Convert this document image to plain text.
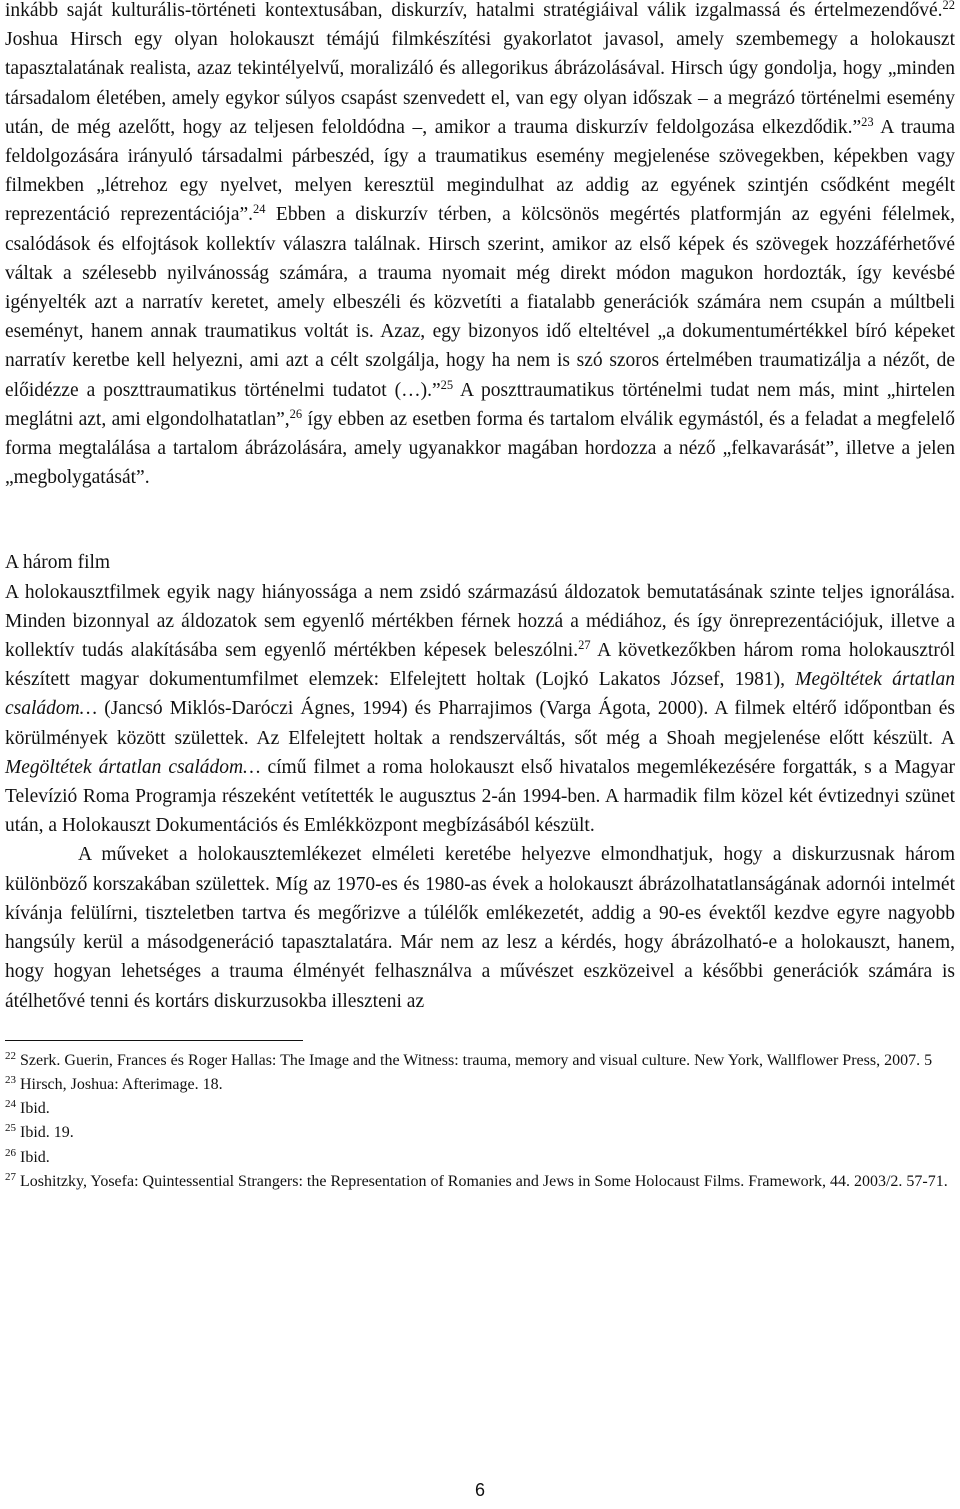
inkább saját kulturális-történeti kontextusában, diskurzív, hatalmi stratégiáival válik izgalmassá és értelmezendővé.$^{22}$ Joshua Hirsch egy olyan holokauszt témájú filmkészítési gyakorlatot javasol, amely szembemegy a holokauszt tapasztalatának realista, azaz tekintélyelvű, moralizáló és allegorikus ábrázolásával. Hirsch úgy gondolja, hogy „minden társadalom életében, amely egykor súlyos csapást szenvedett el, van egy olyan időszak – a megrázó történelmi esemény után, de még azelőtt, hogy az teljesen feloldódna –, amikor a trauma diskurzív feldolgozása elkezdődik.”$^{23}$ A trauma feldolgozására irányuló társadalmi párbeszéd, így a traumatikus esemény megjelenése szövegekben, képekben vagy filmekben „létrehoz egy nyelvet, melyen keresztül megindulhat az addig az egyének szintjén csődként megélt reprezentáció reprezentációja”.$^{24}$ Ebben a diskurzív térben, a kölcsönös megértés platformján az egyéni félelmek, csalódások és elfojtások kollektív válaszra találnak. Hirsch szerint, amikor az első képek és szövegek hozzáférhetővé váltak a szélesebb nyilvánosság számára, a trauma nyomait még direkt módon magukon hordozták, így kevésbé igényelték azt a narratív keretet, amely elbeszéli és közvetíti a fiatalabb generációk számára nem csupán a múltbeli eseményt, hanem annak traumatikus voltát is. Azaz, egy bizonyos idő elteltével „a dokumentumértékkel bíró képeket narratív keretbe kell helyezni, ami azt a célt szolgálja, hogy ha nem is szó szoros értelmében traumatizálja a nézőt, de előidézze a poszttraumatikus történelmi tudatot (…).”$^{25}$ A poszttraumatikus történelmi tudat nem más, mint „hirtelen meglátni azt, ami elgondolhatatlan”,$^{26}$ így ebben az esetben forma és tartalom elválik egymástól, és a feladat a megfelelő forma megtalálása a tartalom ábrázolására, amely ugyanakkor magában hordozza a néző „felkavarását”, illetve a jelen „megbolygatását”.

A három film

A holokausztfilmek egyik nagy hiányossága a nem zsidó származású áldozatok bemutatásának szinte teljes ignorálása. Minden bizonnyal az áldozatok sem egyenlő mértékben férnek hozzá a médiához, és így önreprezentációjuk, illetve a kollektív tudás alakításába sem egyenlő mértékben képesek beleszólni.$^{27}$ A következőkben három roma holokausztról készített magyar dokumentumfilmet elemzek: Elfelejtett holtak (Lojkó Lakatos József, 1981), Megöltétek ártatlan családom… (Jancsó Miklós-Daróczi Ágnes, 1994) és Pharrajimos (Varga Ágota, 2000). A filmek eltérő időpontban és körülmények között születtek. Az Elfelejtett holtak a rendszerváltás, sőt még a Shoah megjelenése előtt készült. A Megöltétek ártatlan családom… című filmet a roma holokauszt első hivatalos megemlékezésére forgatták, s a Magyar Televízió Roma Programja részeként vetítették le augusztus 2-án 1994-ben. A harmadik film közel két évtizednyi szünet után, a Holokauszt Dokumentációs és Emlékközpont megbízásából készült.

A műveket a holokausztemlékezet elméleti keretébe helyezve elmondhatjuk, hogy a diskurzusnak három különböző korszakában születtek. Míg az 1970-es és 1980-as évek a holokauszt ábrázolhatatlanságának adornói intelmét kívánja felülírni, tiszteletben tartva és megőrizve a túlélők emlékezetét, addig a 90-es évektől kezdve egyre nagyobb hangsúly kerül a másodgeneráció tapasztalatára. Már nem az lesz a kérdés, hogy ábrázolható-e a holokauszt, hanem, hogy hogyan lehetséges a trauma élményét felhasználva a művészet eszközeivel a későbbi generációk számára is átélhetővé tenni és kortárs diskurzusokba illeszteni az

$^{22}$ Szerk. Guerin, Frances és Roger Hallas: The Image and the Witness: trauma, memory and visual culture. New York, Wallflower Press, 2007. 5

$^{23}$ Hirsch, Joshua: Afterimage. 18.

$^{24}$ Ibid.

$^{25}$ Ibid. 19.

$^{26}$ Ibid.

$^{27}$ Loshitzky, Yosefa: Quintessential Strangers: the Representation of Romanies and Jews in Some Holocaust Films. Framework, 44. 2003/2. 57-71.

6
